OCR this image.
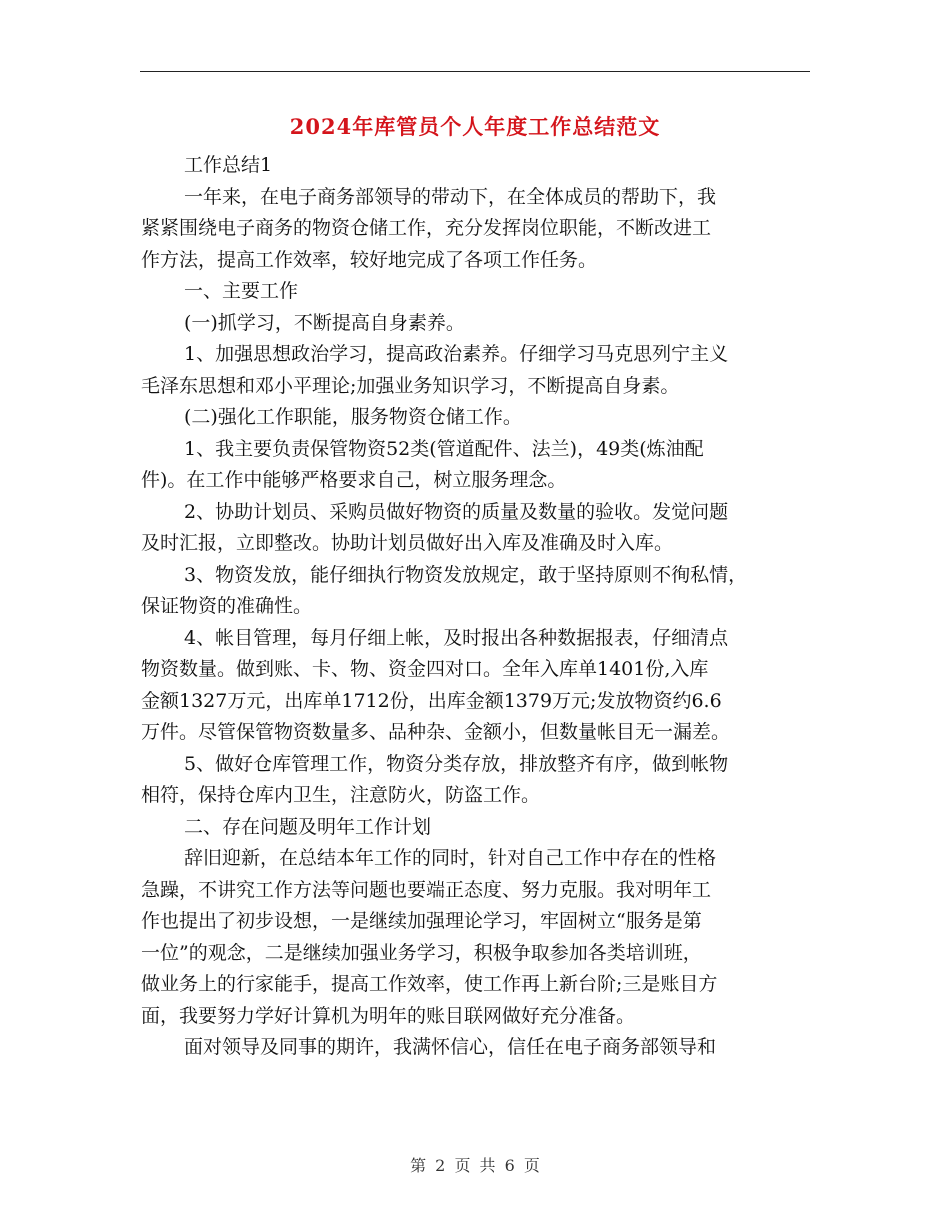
2024年库管员个人年度工作总结范文

工作总结1

一年来，在电子商务部领导的带动下，在全体成员的帮助下，我

紧紧围绕电子商务的物资仓储工作，充分发挥岗位职能，不断改进工

作方法，提高工作效率，较好地完成了各项工作任务。

一、主要工作

(一)抓学习，不断提高自身素养。

1、加强思想政治学习，提高政治素养。仔细学习马克思列宁主义

毛泽东思想和邓小平理论;加强业务知识学习，不断提高自身素。

(二)强化工作职能，服务物资仓储工作。

1、我主要负责保管物资52类(管道配件、法兰)，49类(炼油配

件)。在工作中能够严格要求自己，树立服务理念。

2、协助计划员、采购员做好物资的质量及数量的验收。发觉问题

及时汇报，立即整改。协助计划员做好出入库及准确及时入库。

3、物资发放，能仔细执行物资发放规定，敢于坚持原则不徇私情，

保证物资的准确性。

4、帐目管理，每月仔细上帐，及时报出各种数据报表，仔细清点

物资数量。做到账、卡、物、资金四对口。全年入库单1401份,入库

金额1327万元，出库单1712份，出库金额1379万元;发放物资约6.6

万件。尽管保管物资数量多、品种杂、金额小，但数量帐目无一漏差。

5、做好仓库管理工作，物资分类存放，排放整齐有序，做到帐物

相符，保持仓库内卫生，注意防火，防盗工作。

二、存在问题及明年工作计划

辞旧迎新，在总结本年工作的同时，针对自己工作中存在的性格

急躁，不讲究工作方法等问题也要端正态度、努力克服。我对明年工

作也提出了初步设想，一是继续加强理论学习，牢固树立“服务是第

一位”的观念，二是继续加强业务学习，积极争取参加各类培训班，

做业务上的行家能手，提高工作效率，使工作再上新台阶;三是账目方

面，我要努力学好计算机为明年的账目联网做好充分准备。

面对领导及同事的期许，我满怀信心，信任在电子商务部领导和

第 2 页 共 6 页
